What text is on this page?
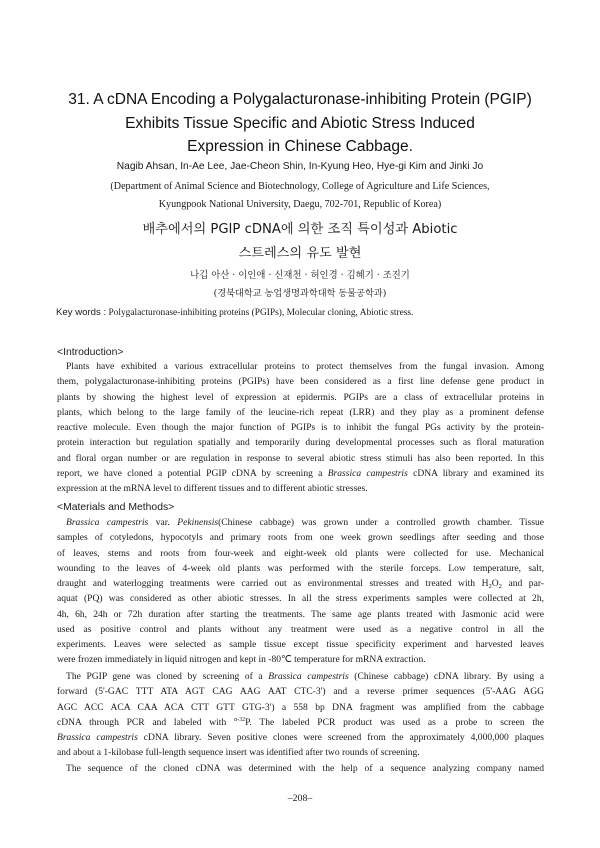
31. A cDNA Encoding a Polygalacturonase-inhibiting Protein (PGIP)
Exhibits Tissue Specific and Abiotic Stress Induced
Expression in Chinese Cabbage.
Nagib Ahsan, In-Ae Lee, Jae-Cheon Shin, In-Kyung Heo, Hye-gi Kim and Jinki Jo
(Department of Animal Science and Biotechnology, College of Agriculture and Life Sciences,
Kyungpook National University, Daegu, 702-701, Republic of Korea)
배추에서의 PGIP cDNA에 의한 조직 특이성과 Abiotic
스트레스의 유도 발현
나깁 아산 · 이인애 · 신재천 · 허인경 · 김혜기 · 조진기
(경북대학교 농업생명과학대학 동물공학과)
Key words : Polygalacturonase-inhibiting proteins (PGIPs), Molecular cloning, Abiotic stress.
<Introduction>
Plants have exhibited a various extracellular proteins to protect themselves from the fungal invasion. Among
them, polygalacturonase-inhibiting proteins (PGIPs) have been considered as a first line defense gene product in
plants by showing the highest level of expression at epidermis. PGIPs are a class of extracellular proteins in
plants, which belong to the large family of the leucine-rich repeat (LRR) and they play as a prominent defense
reactive molecule. Even though the major function of PGIPs is to inhibit the fungal PGs activity by the protein-
protein interaction but regulation spatially and temporarily during developmental processes such as floral maturation
and floral organ number or are regulation in response to several abiotic stress stimuli has also been reported. In this
report, we have cloned a potential PGIP cDNA by screening a Brassica campestris cDNA library and examined its
expression at the mRNA level to different tissues and to different abiotic stresses.
<Materials and Methods>
Brassica campestris var. Pekinensis(Chinese cabbage) was grown under a controlled growth chamber. Tissue
samples of cotyledons, hypocotyls and primary roots from one week grown seedlings after seeding and those
of leaves, stems and roots from four-week and eight-week old plants were collected for use. Mechanical
wounding to the leaves of 4-week old plants was performed with the sterile forceps. Low temperature, salt,
draught and waterlogging treatments were carried out as environmental stresses and treated with $H_2O_2$ and par-
aquat (PQ) was considered as other abiotic stresses. In all the stress experiments samples were collected at 2h,
4h, 6h, 24h or 72h duration after starting the treatments. The same age plants treated with Jasmonic acid were
used as positive control and plants without any treatment were used as a negative control in all the
experiments. Leaves were selected as sample tissue except tissue specificity experiment and harvested leaves
were frozen immediately in liquid nitrogen and kept in -80℃ temperature for mRNA extraction.
The PGIP gene was cloned by screening of a Brassica campestris (Chinese cabbage) cDNA library. By using a
forward (5'-GAC TTT ATA AGT CAG AAG AAT CTC-3') and a reverse primer sequences (5'-AAG AGG
AGC ACC ACA CAA ACA CTT GTT GTG-3') a 558 bp DNA fragment was amplified from the cabbage
cDNA through PCR and labeled with $^{\alpha-32}$P. The labeled PCR product was used as a probe to screen the
Brassica campestris cDNA library. Seven positive clones were screened from the approximately 4,000,000 plaques
and about a 1-kilobase full-length sequence insert was identified after two rounds of screening.
The sequence of the cloned cDNA was determined with the help of a sequence analyzing company named
–208–
